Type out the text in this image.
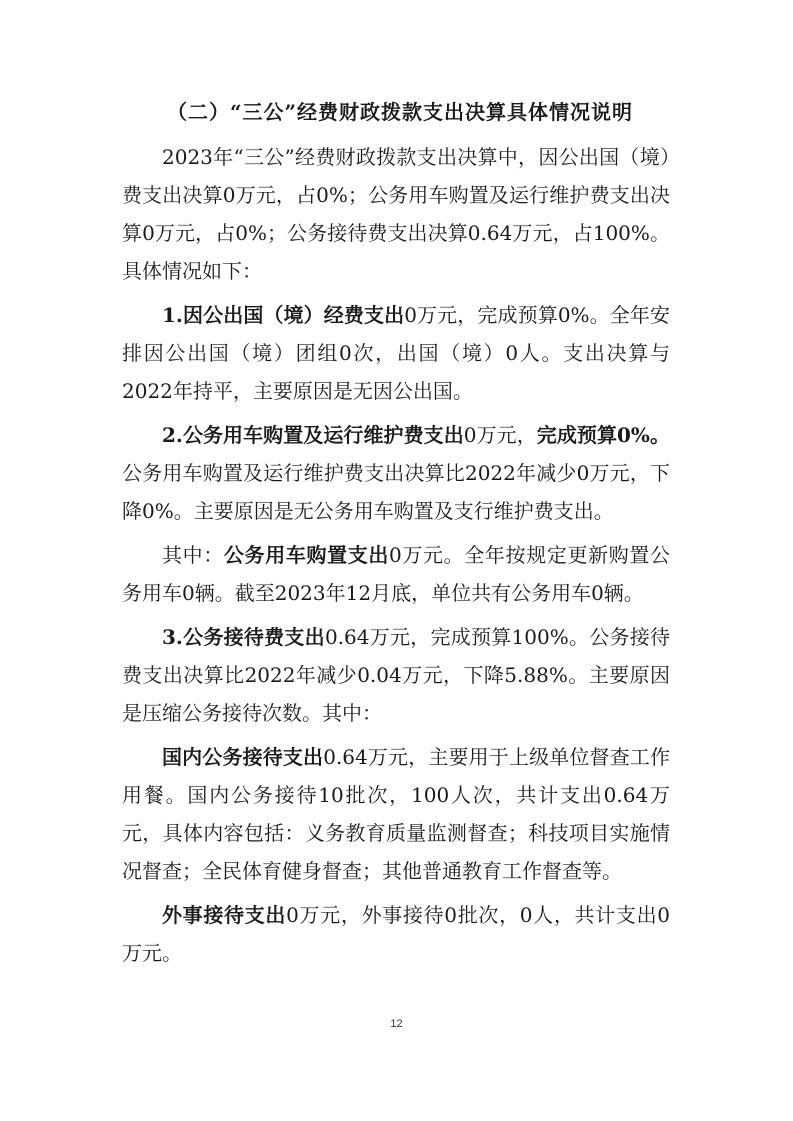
（二）“三公”经费财政拨款支出决算具体情况说明

2023年“三公”经费财政拨款支出决算中，因公出国（境）费支出决算0万元，占0%；公务用车购置及运行维护费支出决算0万元，占0%；公务接待费支出决算0.64万元，占100%。具体情况如下：

1.因公出国（境）经费支出0万元，完成预算0%。全年安排因公出国（境）团组0次，出国（境）0人。支出决算与2022年持平，主要原因是无因公出国。

2.公务用车购置及运行维护费支出0万元，完成预算0%。公务用车购置及运行维护费支出决算比2022年减少0万元，下降0%。主要原因是无公务用车购置及支行维护费支出。

其中：公务用车购置支出0万元。全年按规定更新购置公务用车0辆。截至2023年12月底，单位共有公务用车0辆。

3.公务接待费支出0.64万元，完成预算100%。公务接待费支出决算比2022年减少0.04万元，下降5.88%。主要原因是压缩公务接待次数。其中：

国内公务接待支出0.64万元，主要用于上级单位督查工作用餐。国内公务接待10批次，100人次，共计支出0.64万元，具体内容包括：义务教育质量监测督查；科技项目实施情况督查；全民体育健身督查；其他普通教育工作督查等。

外事接待支出0万元，外事接待0批次，0人，共计支出0万元。

12
